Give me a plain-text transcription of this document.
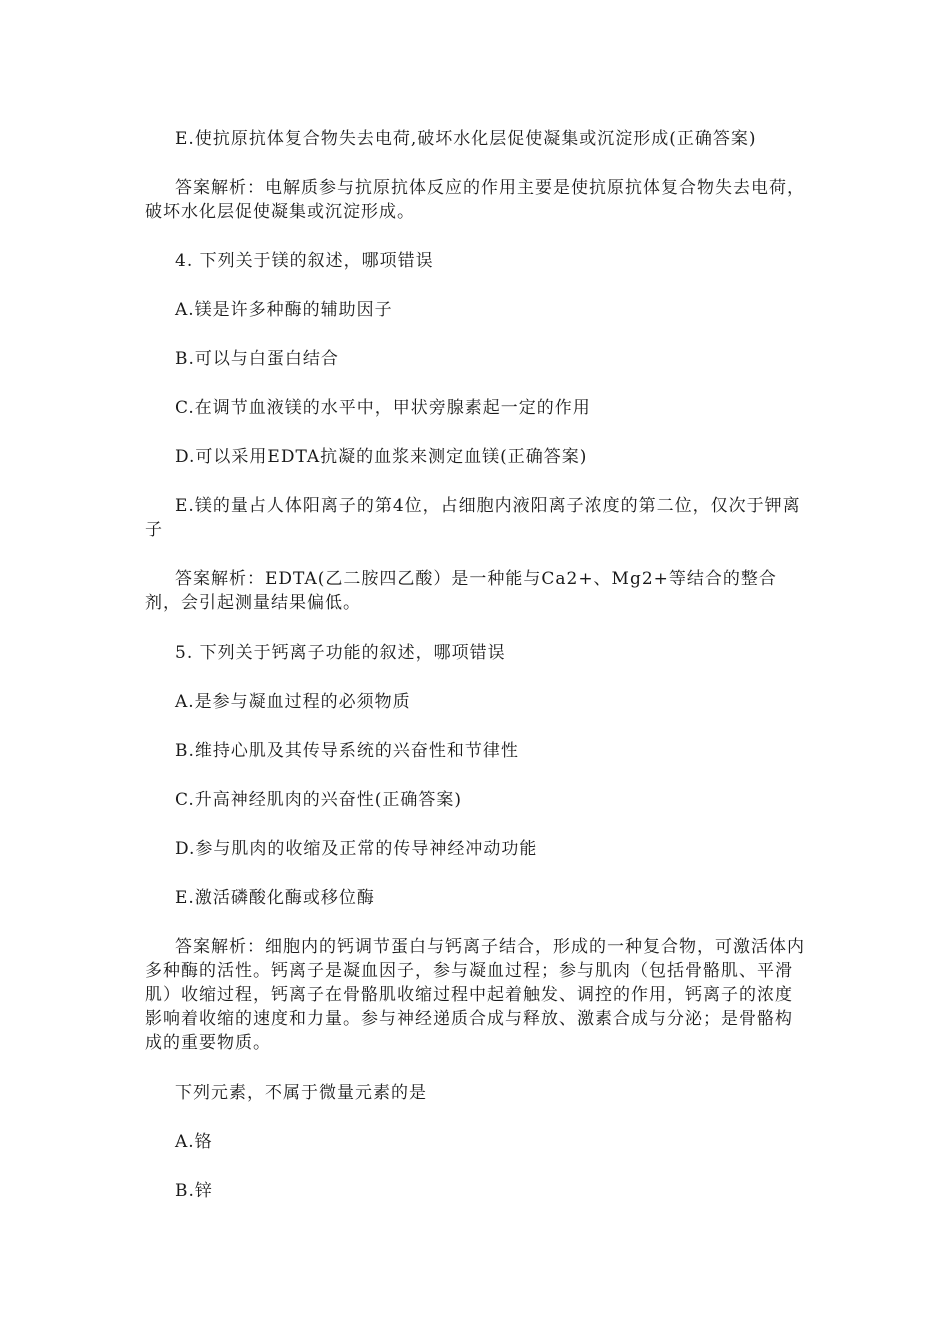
E.使抗原抗体复合物失去电荷,破坏水化层促使凝集或沉淀形成(正确答案)

答案解析：电解质参与抗原抗体反应的作用主要是使抗原抗体复合物失去电荷，破坏水化层促使凝集或沉淀形成。

4. 下列关于镁的叙述，哪项错误

A.镁是许多种酶的辅助因子

B.可以与白蛋白结合

C.在调节血液镁的水平中，甲状旁腺素起一定的作用

D.可以采用EDTA抗凝的血浆来测定血镁(正确答案)

E.镁的量占人体阳离子的第4位，占细胞内液阳离子浓度的第二位，仅次于钾离子

答案解析：EDTA(乙二胺四乙酸）是一种能与Ca2+、Mg2+等结合的整合剂，会引起测量结果偏低。

5. 下列关于钙离子功能的叙述，哪项错误

A.是参与凝血过程的必须物质

B.维持心肌及其传导系统的兴奋性和节律性

C.升高神经肌肉的兴奋性(正确答案)

D.参与肌肉的收缩及正常的传导神经冲动功能

E.激活磷酸化酶或移位酶

答案解析：细胞内的钙调节蛋白与钙离子结合，形成的一种复合物，可激活体内多种酶的活性。钙离子是凝血因子，参与凝血过程；参与肌肉（包括骨骼肌、平滑肌）收缩过程，钙离子在骨骼肌收缩过程中起着触发、调控的作用，钙离子的浓度影响着收缩的速度和力量。参与神经递质合成与释放、激素合成与分泌；是骨骼构成的重要物质。

下列元素，不属于微量元素的是

A.铬

B.锌
